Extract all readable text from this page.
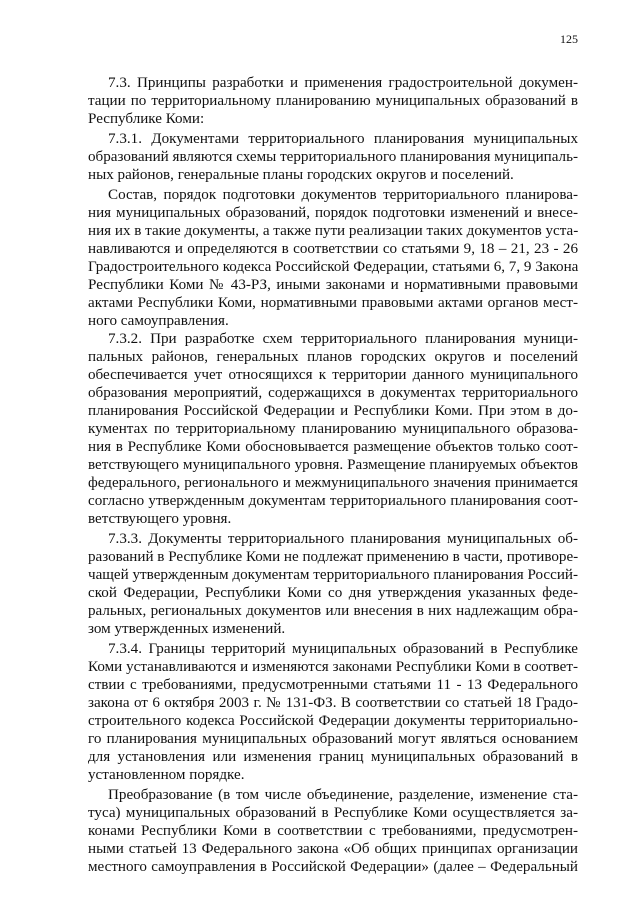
125
7.3. Принципы разработки и применения градостроительной докумен-
тации по территориальному планированию муниципальных образований в
Республике Коми:
7.3.1. Документами территориального планирования муниципальных
образований являются схемы территориального планирования муниципаль-
ных районов, генеральные планы городских округов и поселений.
Состав, порядок подготовки документов территориального планирова-
ния муниципальных образований, порядок подготовки изменений и внесе-
ния их в такие документы, а также пути реализации таких документов уста-
навливаются и определяются в соответствии со статьями 9, 18 – 21, 23 - 26
Градостроительного кодекса Российской Федерации, статьями 6, 7, 9 Закона
Республики Коми № 43-РЗ, иными законами и нормативными правовыми
актами Республики Коми, нормативными правовыми актами органов мест-
ного самоуправления.
7.3.2. При разработке схем территориального планирования муници-
пальных районов, генеральных планов городских округов и поселений
обеспечивается учет относящихся к территории данного муниципального
образования мероприятий, содержащихся в документах территориального
планирования Российской Федерации и Республики Коми. При этом в до-
кументах по территориальному планированию муниципального образова-
ния в Республике Коми обосновывается размещение объектов только соот-
ветствующего муниципального уровня. Размещение планируемых объектов
федерального, регионального и межмуниципального значения принимается
согласно утвержденным документам территориального планирования соот-
ветствующего уровня.
7.3.3. Документы территориального планирования муниципальных об-
разований в Республике Коми не подлежат применению в части, противоре-
чащей утвержденным документам территориального планирования Россий-
ской Федерации, Республики Коми со дня утверждения указанных феде-
ральных, региональных документов или внесения в них надлежащим обра-
зом утвержденных изменений.
7.3.4. Границы территорий муниципальных образований в Республике
Коми устанавливаются и изменяются законами Республики Коми в соответ-
ствии с требованиями, предусмотренными статьями 11 - 13 Федерального
закона от 6 октября 2003 г. № 131-ФЗ. В соответствии со статьей 18 Градо-
строительного кодекса Российской Федерации документы территориально-
го планирования муниципальных образований могут являться основанием
для установления или изменения границ муниципальных образований в
установленном порядке.
Преобразование (в том числе объединение, разделение, изменение ста-
туса) муниципальных образований в Республике Коми осуществляется за-
конами Республики Коми в соответствии с требованиями, предусмотрен-
ными статьей 13 Федерального закона «Об общих принципах организации
местного самоуправления в Российской Федерации» (далее – Федеральный
